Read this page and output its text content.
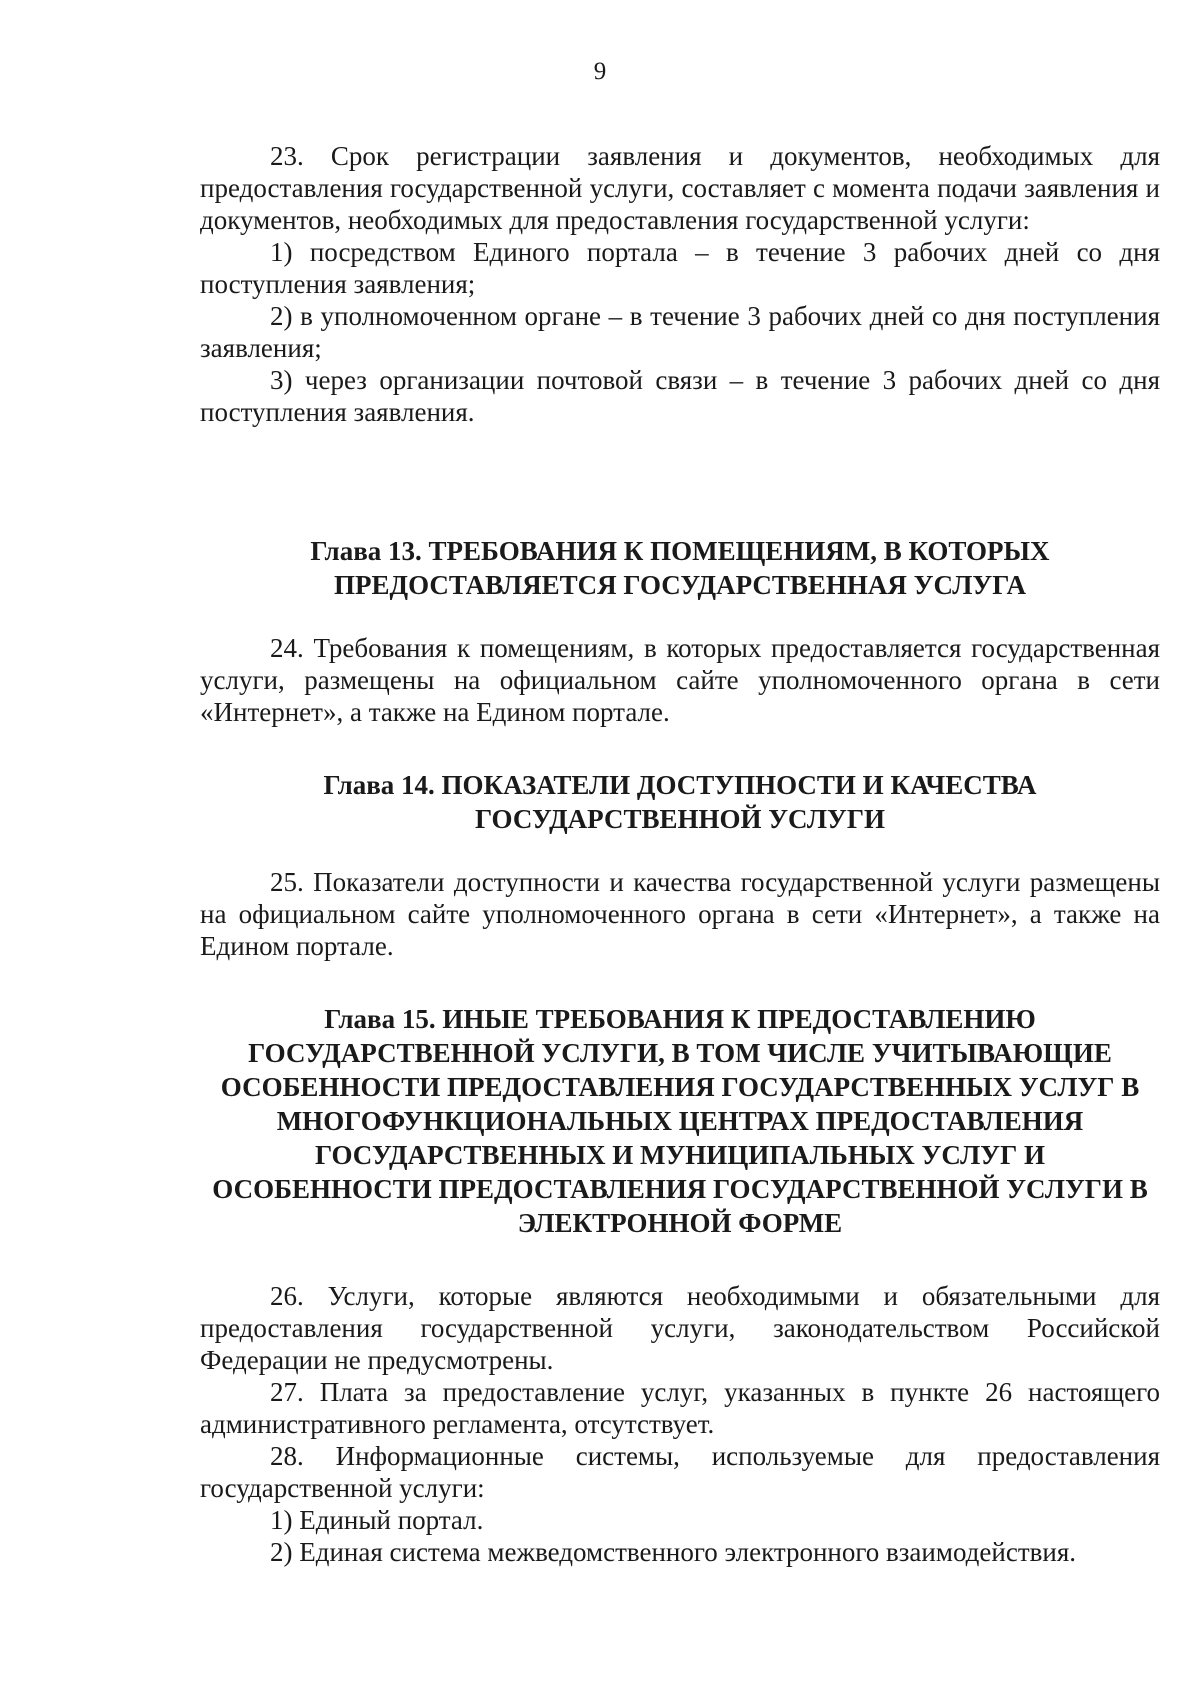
9

23. Срок регистрации заявления и документов, необходимых для предоставления государственной услуги, составляет с момента подачи заявления и документов, необходимых для предоставления государственной услуги:

1) посредством Единого портала – в течение 3 рабочих дней со дня поступления заявления;

2) в уполномоченном органе – в течение 3 рабочих дней со дня поступления заявления;

3) через организации почтовой связи – в течение 3 рабочих дней со дня поступления заявления.

Глава 13. ТРЕБОВАНИЯ К ПОМЕЩЕНИЯМ, В КОТОРЫХ ПРЕДОСТАВЛЯЕТСЯ ГОСУДАРСТВЕННАЯ УСЛУГА

24. Требования к помещениям, в которых предоставляется государственная услуги, размещены на официальном сайте уполномоченного органа в сети «Интернет», а также на Едином портале.

Глава 14. ПОКАЗАТЕЛИ ДОСТУПНОСТИ И КАЧЕСТВА ГОСУДАРСТВЕННОЙ УСЛУГИ

25. Показатели доступности и качества государственной услуги размещены на официальном сайте уполномоченного органа в сети «Интернет», а также на Едином портале.

Глава 15. ИНЫЕ ТРЕБОВАНИЯ К ПРЕДОСТАВЛЕНИЮ ГОСУДАРСТВЕННОЙ УСЛУГИ, В ТОМ ЧИСЛЕ УЧИТЫВАЮЩИЕ ОСОБЕННОСТИ ПРЕДОСТАВЛЕНИЯ ГОСУДАРСТВЕННЫХ УСЛУГ В МНОГОФУНКЦИОНАЛЬНЫХ ЦЕНТРАХ ПРЕДОСТАВЛЕНИЯ ГОСУДАРСТВЕННЫХ И МУНИЦИПАЛЬНЫХ УСЛУГ И ОСОБЕННОСТИ ПРЕДОСТАВЛЕНИЯ ГОСУДАРСТВЕННОЙ УСЛУГИ В ЭЛЕКТРОННОЙ ФОРМЕ

26. Услуги, которые являются необходимыми и обязательными для предоставления государственной услуги, законодательством Российской Федерации не предусмотрены.

27. Плата за предоставление услуг, указанных в пункте 26 настоящего административного регламента, отсутствует.

28. Информационные системы, используемые для предоставления государственной услуги:

1) Единый портал.

2) Единая система межведомственного электронного взаимодействия.
